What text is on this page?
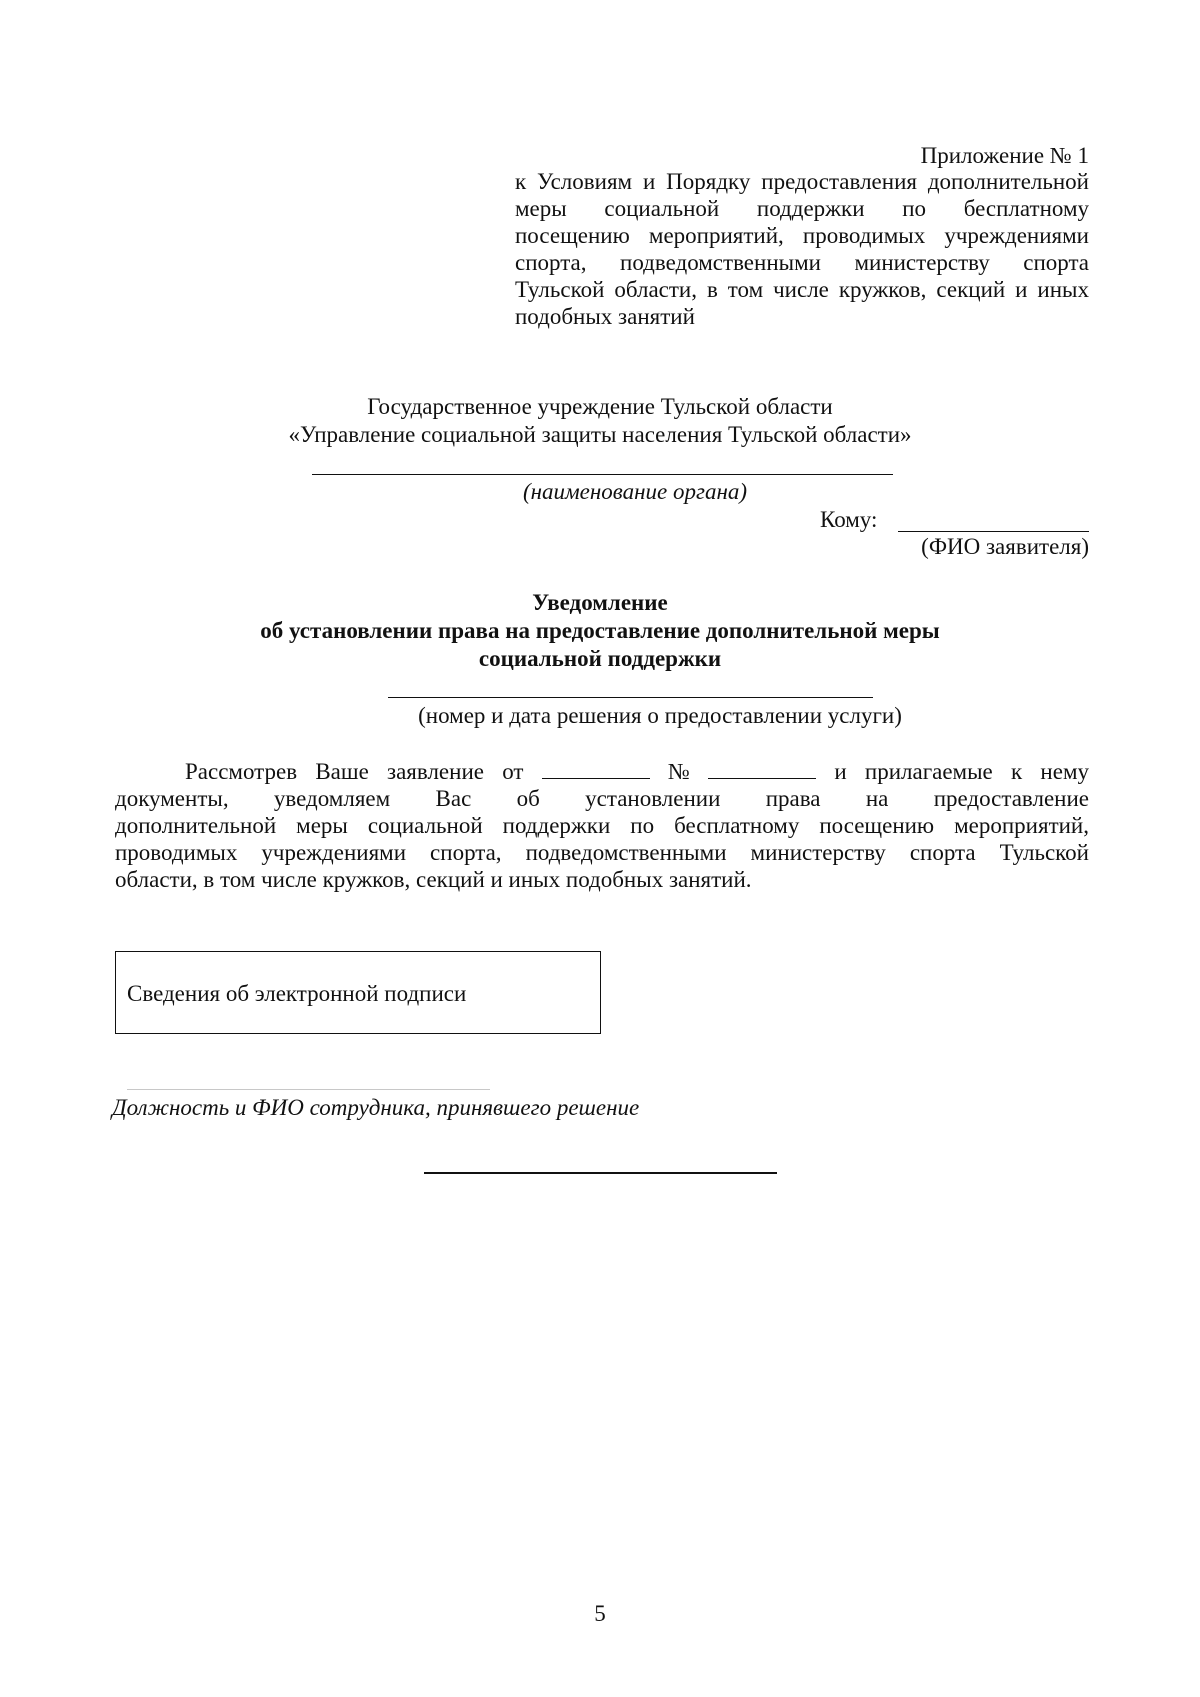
Приложение № 1
к Условиям и Порядку предоставления дополнительной
меры социальной поддержки по бесплатному
посещению мероприятий, проводимых учреждениями
спорта, подведомственными министерству спорта
Тульской области, в том числе кружков, секций и иных
подобных занятий
Государственное учреждение Тульской области
«Управление социальной защиты населения Тульской области»
(наименование органа)
Кому:
(ФИО заявителя)
Уведомление
об установлении права на предоставление дополнительной меры
социальной поддержки
(номер и дата решения о предоставлении услуги)
Рассмотрев Ваше заявление от	№	и прилагаемые к нему
документы, уведомляем Вас об установлении права на предоставление
дополнительной меры социальной поддержки по бесплатному посещению мероприятий,
проводимых учреждениями спорта, подведомственными министерству спорта Тульской
области, в том числе кружков, секций и иных подобных занятий.
Сведения об электронной подписи
Должность и ФИО сотрудника, принявшего решение
5
